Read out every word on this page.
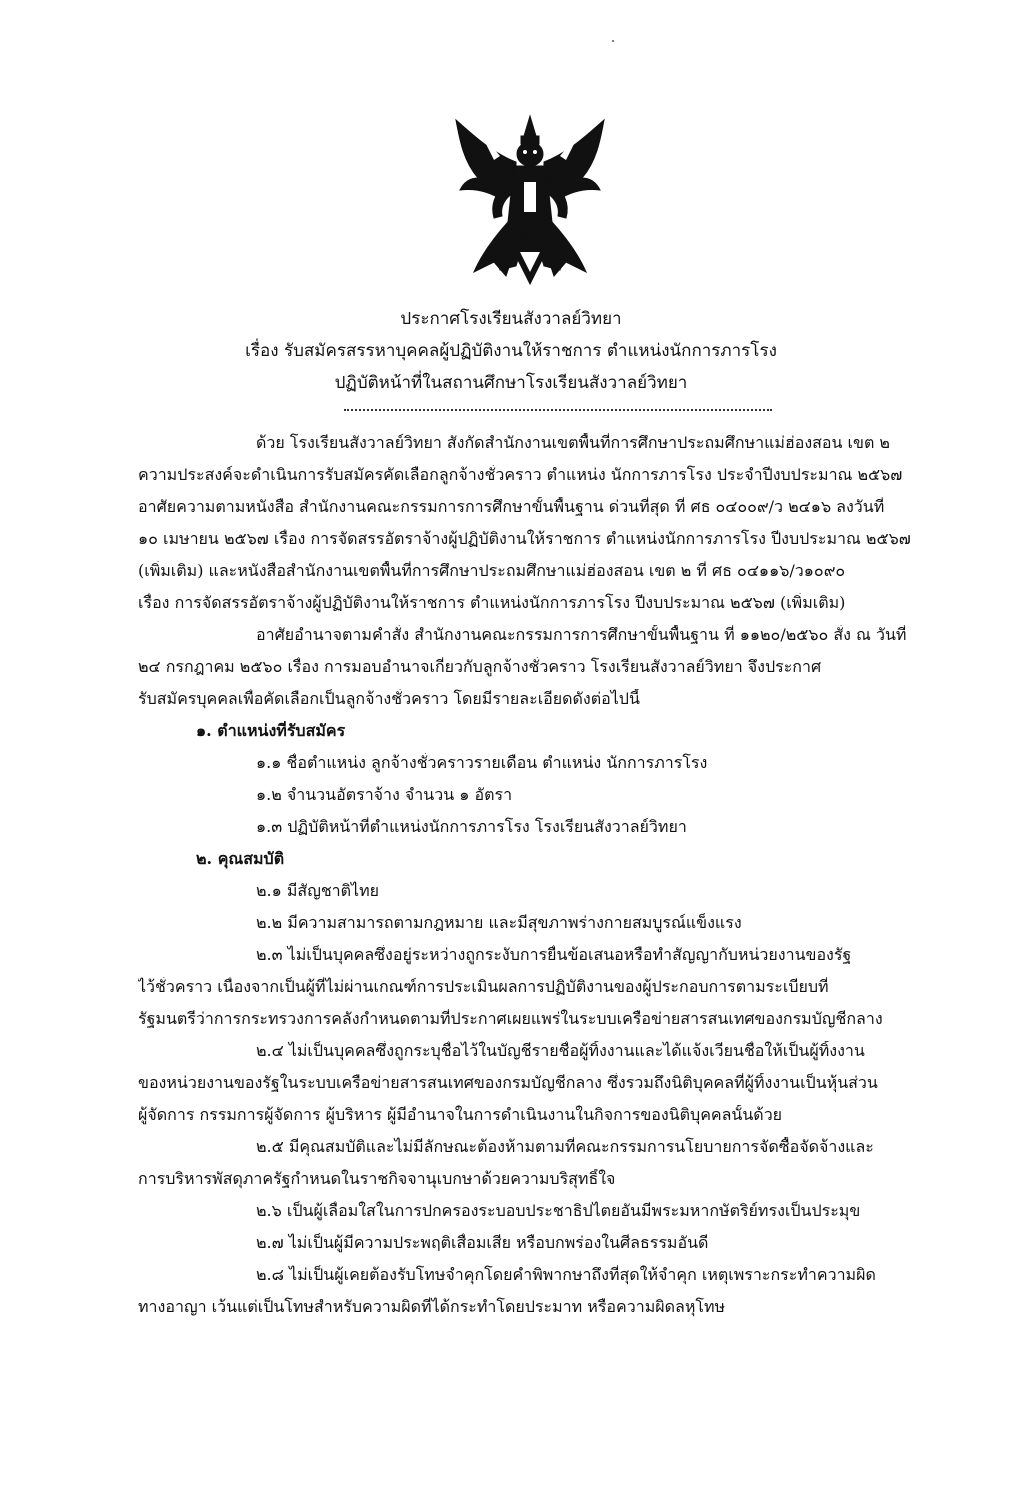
ประกาศโรงเรียนสังวาลย์วิทยา
เรื่อง รับสมัครสรรหาบุคคลผู้ปฏิบัติงานให้ราชการ ตำแหน่งนักการภารโรง
ปฏิบัติหน้าที่ในสถานศึกษาโรงเรียนสังวาลย์วิทยา
ด้วย โรงเรียนสังวาลย์วิทยา สังกัดสำนักงานเขตพื้นที่การศึกษาประถมศึกษาแม่ฮ่องสอน เขต ๒
ความประสงค์จะดำเนินการรับสมัครคัดเลือกลูกจ้างชั่วคราว ตำแหน่ง นักการภารโรง ประจำปีงบประมาณ ๒๕๖๗
อาศัยความตามหนังสือ สำนักงานคณะกรรมการการศึกษาขั้นพื้นฐาน ด่วนที่สุด ที่ ศธ ๐๔๐๐๙/ว ๒๔๑๖ ลงวันที่
๑๐ เมษายน ๒๕๖๗ เรื่อง การจัดสรรอัตราจ้างผู้ปฏิบัติงานให้ราชการ ตำแหน่งนักการภารโรง ปีงบประมาณ ๒๕๖๗
(เพิ่มเติม) และหนังสือสำนักงานเขตพื้นที่การศึกษาประถมศึกษาแม่ฮ่องสอน เขต ๒ ที่ ศธ ๐๔๑๑๖/ว๑๐๙๐
เรื่อง การจัดสรรอัตราจ้างผู้ปฏิบัติงานให้ราชการ ตำแหน่งนักการภารโรง ปีงบประมาณ ๒๕๖๗ (เพิ่มเติม)
อาศัยอำนาจตามคำสั่ง สำนักงานคณะกรรมการการศึกษาขั้นพื้นฐาน ที่ ๑๑๒๐/๒๕๖๐ สั่ง ณ วันที่
๒๔ กรกฎาคม ๒๕๖๐ เรื่อง การมอบอำนาจเกี่ยวกับลูกจ้างชั่วคราว โรงเรียนสังวาลย์วิทยา จึงประกาศ
รับสมัครบุคคลเพื่อคัดเลือกเป็นลูกจ้างชั่วคราว โดยมีรายละเอียดดังต่อไปนี้
๑. ตำแหน่งที่รับสมัคร
๑.๑ ชื่อตำแหน่ง ลูกจ้างชั่วคราวรายเดือน ตำแหน่ง นักการภารโรง
๑.๒ จำนวนอัตราจ้าง จำนวน ๑ อัตรา
๑.๓ ปฏิบัติหน้าที่ตำแหน่งนักการภารโรง โรงเรียนสังวาลย์วิทยา
๒. คุณสมบัติ
๒.๑ มีสัญชาติไทย
๒.๒ มีความสามารถตามกฎหมาย และมีสุขภาพร่างกายสมบูรณ์แข็งแรง
๒.๓ ไม่เป็นบุคคลซึ่งอยู่ระหว่างถูกระงับการยื่นข้อเสนอหรือทำสัญญากับหน่วยงานของรัฐ
ไว้ชั่วคราว เนื่องจากเป็นผู้ที่ไม่ผ่านเกณฑ์การประเมินผลการปฏิบัติงานของผู้ประกอบการตามระเบียบที่
รัฐมนตรีว่าการกระทรวงการคลังกำหนดตามที่ประกาศเผยแพร่ในระบบเครือข่ายสารสนเทศของกรมบัญชีกลาง
๒.๔ ไม่เป็นบุคคลซึ่งถูกระบุชื่อไว้ในบัญชีรายชื่อผู้ทิ้งงานและได้แจ้งเวียนชื่อให้เป็นผู้ทิ้งงาน
ของหน่วยงานของรัฐในระบบเครือข่ายสารสนเทศของกรมบัญชีกลาง ซึ่งรวมถึงนิติบุคคลที่ผู้ทิ้งงานเป็นหุ้นส่วน
ผู้จัดการ กรรมการผู้จัดการ ผู้บริหาร ผู้มีอำนาจในการดำเนินงานในกิจการของนิติบุคคลนั้นด้วย
๒.๕ มีคุณสมบัติและไม่มีลักษณะต้องห้ามตามที่คณะกรรมการนโยบายการจัดซื้อจัดจ้างและ
การบริหารพัสดุภาครัฐกำหนดในราชกิจจานุเบกษาด้วยความบริสุทธิ์ใจ
๒.๖ เป็นผู้เลื่อมใสในการปกครองระบอบประชาธิปไตยอันมีพระมหากษัตริย์ทรงเป็นประมุข
๒.๗ ไม่เป็นผู้มีความประพฤติเสื่อมเสีย หรือบกพร่องในศีลธรรมอันดี
๒.๘ ไม่เป็นผู้เคยต้องรับโทษจำคุกโดยคำพิพากษาถึงที่สุดให้จำคุก เหตุเพราะกระทำความผิด
ทางอาญา เว้นแต่เป็นโทษสำหรับความผิดที่ได้กระทำโดยประมาท หรือความผิดลหุโทษ
